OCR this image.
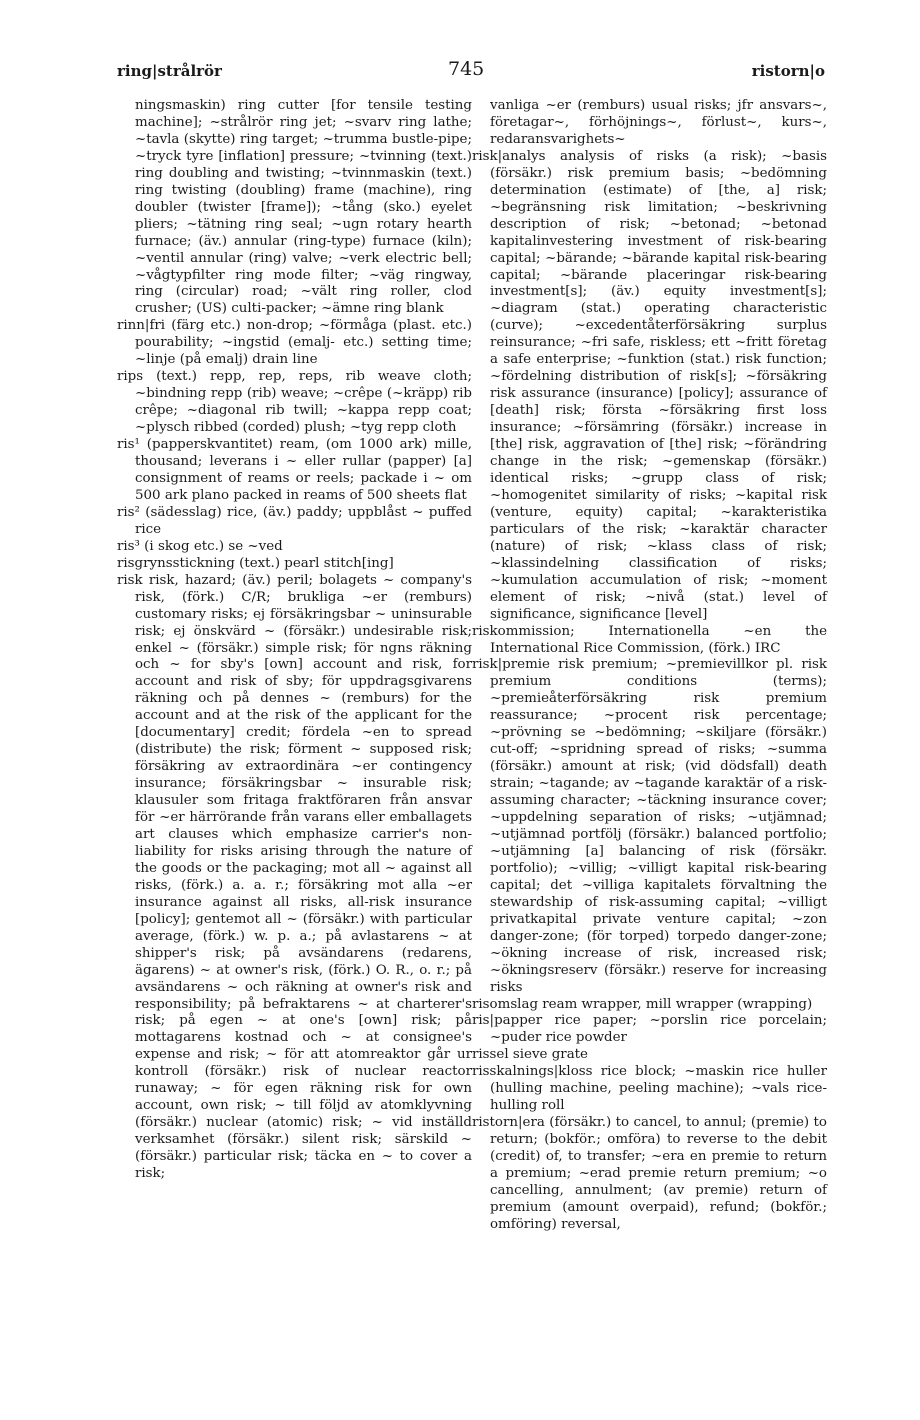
ring|strålrör	745	ristorn|o

ningsmaskin) ring cutter [for tensile testing machine]; ~strålrör ring jet; ~svarv ring lathe; ~tavla (skytte) ring target; ~trumma bustle-pipe; ~tryck tyre [inflation] pressure; ~tvinning (text.) ring doubling and twisting; ~tvinnmaskin (text.) ring twisting (doubling) frame (machine), ring doubler (twister [frame]); ~tång (sko.) eyelet pliers; ~tätning ring seal; ~ugn rotary hearth furnace; (äv.) annular (ring-type) furnace (kiln); ~ventil annular (ring) valve; ~verk electric bell; ~vågtypfilter ring mode filter; ~väg ringway, ring (circular) road; ~vält ring roller, clod crusher; (US) culti-packer; ~ämne ring blank

rinn|fri (färg etc.) non-drop; ~förmåga (plast. etc.) pourability; ~ingstid (emalj- etc.) setting time; ~linje (på emalj) drain line

rips (text.) repp, rep, reps, rib weave cloth; ~bindning repp (rib) weave; ~crêpe (~kräpp) rib crêpe; ~diagonal rib twill; ~kappa repp coat; ~plysch ribbed (corded) plush; ~tyg repp cloth

ris¹ (papperskvantitet) ream, (om 1000 ark) mille, thousand; leverans i ~ eller rullar (papper) [a] consignment of reams or reels; packade i ~ om 500 ark plano packed in reams of 500 sheets flat

ris² (sädesslag) rice, (äv.) paddy; uppblåst ~ puffed rice

ris³ (i skog etc.) se ~ved

risgrynsstickning (text.) pearl stitch[ing]

risk risk, hazard; (äv.) peril; bolagets ~ company's risk, (förk.) C/R; brukliga ~er (remburs) customary risks; ej försäkringsbar ~ uninsurable risk; ej önskvärd ~ (försäkr.) undesirable risk; enkel ~ (försäkr.) simple risk; för ngns räkning och ~ for sby's [own] account and risk, for account and risk of sby; för uppdragsgivarens räkning och på dennes ~ (remburs) for the account and at the risk of the applicant for the [documentary] credit; fördela ~en to spread (distribute) the risk; förment ~ supposed risk; försäkring av extraordinära ~er contingency insurance; försäkringsbar ~ insurable risk; klausuler som fritaga fraktföraren från ansvar för ~er härrörande från varans eller emballagets art clauses which emphasize carrier's non-liability for risks arising through the nature of the goods or the packaging; mot all ~ against all risks, (förk.) a. a. r.; försäkring mot alla ~er insurance against all risks, all-risk insurance [policy]; gentemot all ~ (försäkr.) with particular average, (förk.) w. p. a.; på avlastarens ~ at shipper's risk; på avsändarens (redarens, ägarens) ~ at owner's risk, (förk.) O. R., o. r.; på avsändarens ~ och räkning at owner's risk and responsibility; på befraktarens ~ at charterer's risk; på egen ~ at one's [own] risk; på mottagarens kostnad och ~ at consignee's expense and risk; ~ för att atomreaktor går ur kontroll (försäkr.) risk of nuclear reactor runaway; ~ för egen räkning risk for own account, own risk; ~ till följd av atomklyvning (försäkr.) nuclear (atomic) risk; ~ vid inställd verksamhet (försäkr.) silent risk; särskild ~ (försäkr.) particular risk; täcka en ~ to cover a risk;

vanliga ~er (remburs) usual risks; jfr ansvars~, företagar~, förhöjnings~, förlust~, kurs~, redaransvarighets~

risk|analys analysis of risks (a risk); ~basis (försäkr.) risk premium basis; ~bedömning determination (estimate) of [the, a] risk; ~begränsning risk limitation; ~beskrivning description of risk; ~betonad; ~betonad kapitalinvestering investment of risk-bearing capital; ~bärande; ~bärande kapital risk-bearing capital; ~bärande placeringar risk-bearing investment[s]; (äv.) equity investment[s]; ~diagram (stat.) operating characteristic (curve); ~excedentåterförsäkring surplus reinsurance; ~fri safe, riskless; ett ~fritt företag a safe enterprise; ~funktion (stat.) risk function; ~fördelning distribution of risk[s]; ~försäkring risk assurance (insurance) [policy]; assurance of [death] risk; första ~försäkring first loss insurance; ~försämring (försäkr.) increase in [the] risk, aggravation of [the] risk; ~förändring change in the risk; ~gemenskap (försäkr.) identical risks; ~grupp class of risk; ~homogenitet similarity of risks; ~kapital risk (venture, equity) capital; ~karakteristika particulars of the risk; ~karaktär character (nature) of risk; ~klass class of risk; ~klassindelning classification of risks; ~kumulation accumulation of risk; ~moment element of risk; ~nivå (stat.) level of significance, significance [level]

riskommission; Internationella ~en the International Rice Commission, (förk.) IRC

risk|premie risk premium; ~premievillkor pl. risk premium conditions (terms); ~premieåterförsäkring risk premium reassurance; ~procent risk percentage; ~prövning se ~bedömning; ~skiljare (försäkr.) cut-off; ~spridning spread of risks; ~summa (försäkr.) amount at risk; (vid dödsfall) death strain; ~tagande; av ~tagande karaktär of a risk-assuming character; ~täckning insurance cover; ~uppdelning separation of risks; ~utjämnad; ~utjämnad portfölj (försäkr.) balanced portfolio; ~utjämning [a] balancing of risk (försäkr. portfolio); ~villig; ~villigt kapital risk-bearing capital; det ~villiga kapitalets förvaltning the stewardship of risk-assuming capital; ~villigt privatkapital private venture capital; ~zon danger-zone; (för torped) torpedo danger-zone; ~ökning increase of risk, increased risk; ~ökningsreserv (försäkr.) reserve for increasing risks

risomslag ream wrapper, mill wrapper (wrapping)

ris|papper rice paper; ~porslin rice porcelain; ~puder rice powder

rissel sieve grate

risskalnings|kloss rice block; ~maskin rice huller (hulling machine, peeling machine); ~vals rice-hulling roll

ristorn|era (försäkr.) to cancel, to annul; (premie) to return; (bokför.; omföra) to reverse to the debit (credit) of, to transfer; ~era en premie to return a premium; ~erad premie return premium; ~o cancelling, annulment; (av premie) return of premium (amount overpaid), refund; (bokför.; omföring) reversal,
